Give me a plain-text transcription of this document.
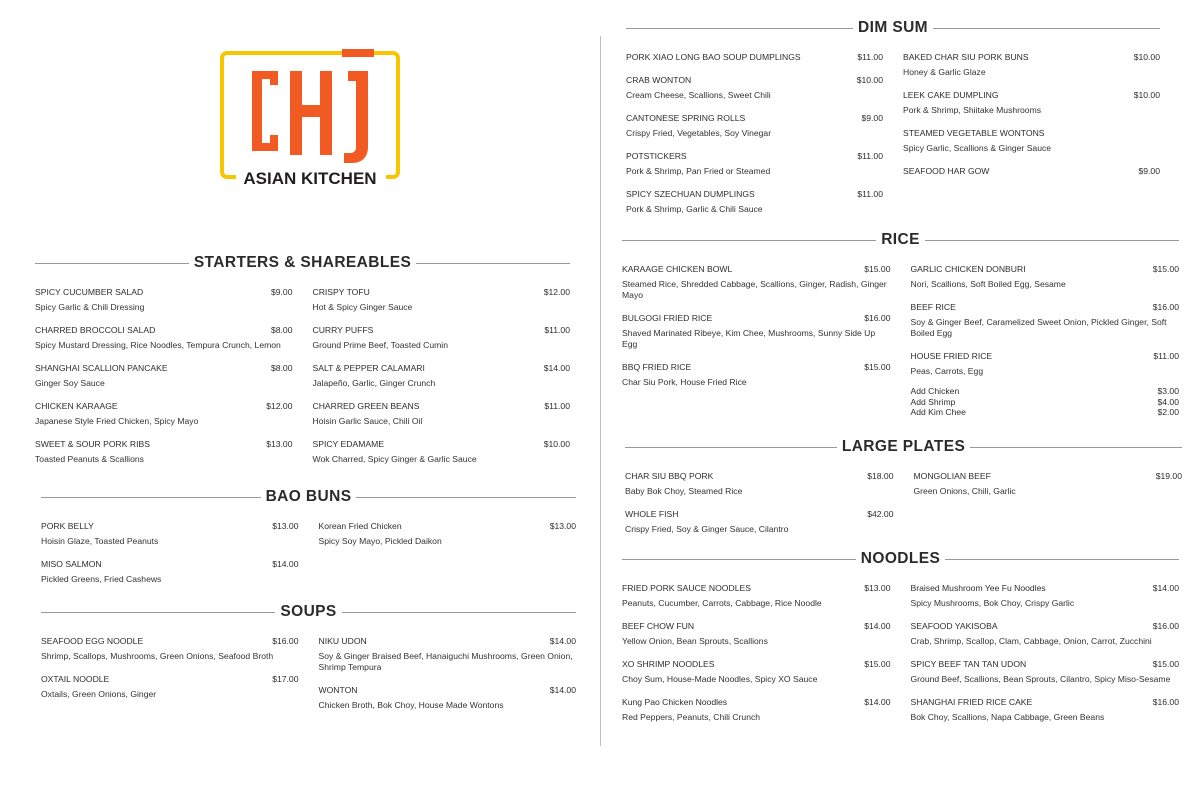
ASIAN KITCHEN
STARTERS & SHAREABLES
SPICY CUCUMBER SALAD	$9.00
Spicy Garlic & Chili Dressing
CHARRED BROCCOLI SALAD	$8.00
Spicy Mustard Dressing, Rice Noodles, Tempura Crunch, Lemon
SHANGHAI SCALLION PANCAKE	$8.00
Ginger Soy Sauce
CHICKEN KARAAGE	$12.00
Japanese Style Fried Chicken, Spicy Mayo
SWEET & SOUR PORK RIBS	$13.00
Toasted Peanuts & Scallions
CRISPY TOFU	$12.00
Hot & Spicy Ginger Sauce
CURRY PUFFS	$11.00
Ground Prime Beef, Toasted Cumin
SALT & PEPPER CALAMARI	$14.00
Jalapeño, Garlic, Ginger Crunch
CHARRED GREEN BEANS	$11.00
Hoisin Garlic Sauce, Chili Oil
SPICY EDAMAME	$10.00
Wok Charred, Spicy Ginger & Garlic Sauce
BAO BUNS
PORK BELLY	$13.00
Hoisin Glaze, Toasted Peanuts
MISO SALMON	$14.00
Pickled Greens, Fried Cashews
Korean Fried Chicken	$13.00
Spicy Soy Mayo, Pickled Daikon
SOUPS
SEAFOOD EGG NOODLE	$16.00
Shrimp, Scallops, Mushrooms, Green Onions, Seafood Broth
OXTAIL NOODLE	$17.00
Oxtails, Green Onions, Ginger
NIKU UDON	$14.00
Soy & Ginger Braised Beef, Hanaiguchi Mushrooms, Green Onion, Shrimp Tempura
WONTON	$14.00
Chicken Broth, Bok Choy, House Made Wontons
DIM SUM
PORK XIAO LONG BAO SOUP DUMPLINGS	$11.00
CRAB WONTON	$10.00
Cream Cheese, Scallions, Sweet Chili
CANTONESE SPRING ROLLS	$9.00
Crispy Fried, Vegetables, Soy Vinegar
POTSTICKERS	$11.00
Pork & Shrimp, Pan Fried or Steamed
SPICY SZECHUAN DUMPLINGS	$11.00
Pork & Shrimp, Garlic & Chili Sauce
BAKED CHAR SIU PORK BUNS	$10.00
Honey & Garlic Glaze
LEEK CAKE DUMPLING	$10.00
Pork & Shrimp, Shiitake Mushrooms
STEAMED VEGETABLE WONTONS
Spicy Garlic, Scallions & Ginger Sauce
SEAFOOD HAR GOW	$9.00
RICE
KARAAGE CHICKEN BOWL	$15.00
Steamed Rice, Shredded Cabbage, Scallions, Ginger, Radish, Ginger Mayo
BULGOGI FRIED RICE	$16.00
Shaved Marinated Ribeye, Kim Chee, Mushrooms, Sunny Side Up Egg
BBQ FRIED RICE	$15.00
Char Siu Pork, House Fried Rice
GARLIC CHICKEN DONBURI	$15.00
Nori, Scallions, Soft Boiled Egg, Sesame
BEEF RICE	$16.00
Soy & Ginger Beef, Caramelized Sweet Onion, Pickled Ginger, Soft Boiled Egg
HOUSE FRIED RICE	$11.00
Peas, Carrots, Egg
Add Chicken	$3.00
Add Shrimp	$4.00
Add Kim Chee	$2.00
LARGE PLATES
CHAR SIU BBQ PORK	$18.00
Baby Bok Choy, Steamed Rice
WHOLE FISH	$42.00
Crispy Fried, Soy & Ginger Sauce, Cilantro
MONGOLIAN BEEF	$19.00
Green Onions, Chili, Garlic
NOODLES
FRIED PORK SAUCE NOODLES	$13.00
Peanuts, Cucumber, Carrots, Cabbage, Rice Noodle
BEEF CHOW FUN	$14.00
Yellow Onion, Bean Sprouts, Scallions
XO SHRIMP NOODLES	$15.00
Choy Sum, House-Made Noodles, Spicy XO Sauce
Kung Pao Chicken Noodles	$14.00
Red Peppers, Peanuts, Chili Crunch
Braised Mushroom Yee Fu Noodles	$14.00
Spicy Mushrooms, Bok Choy, Crispy Garlic
SEAFOOD YAKISOBA	$16.00
Crab, Shrimp, Scallop, Clam, Cabbage, Onion, Carrot, Zucchini
SPICY BEEF TAN TAN UDON	$15.00
Ground Beef, Scallions, Bean Sprouts, Cilantro, Spicy Miso-Sesame
SHANGHAI FRIED RICE CAKE	$16.00
Bok Choy, Scallions, Napa Cabbage, Green Beans
